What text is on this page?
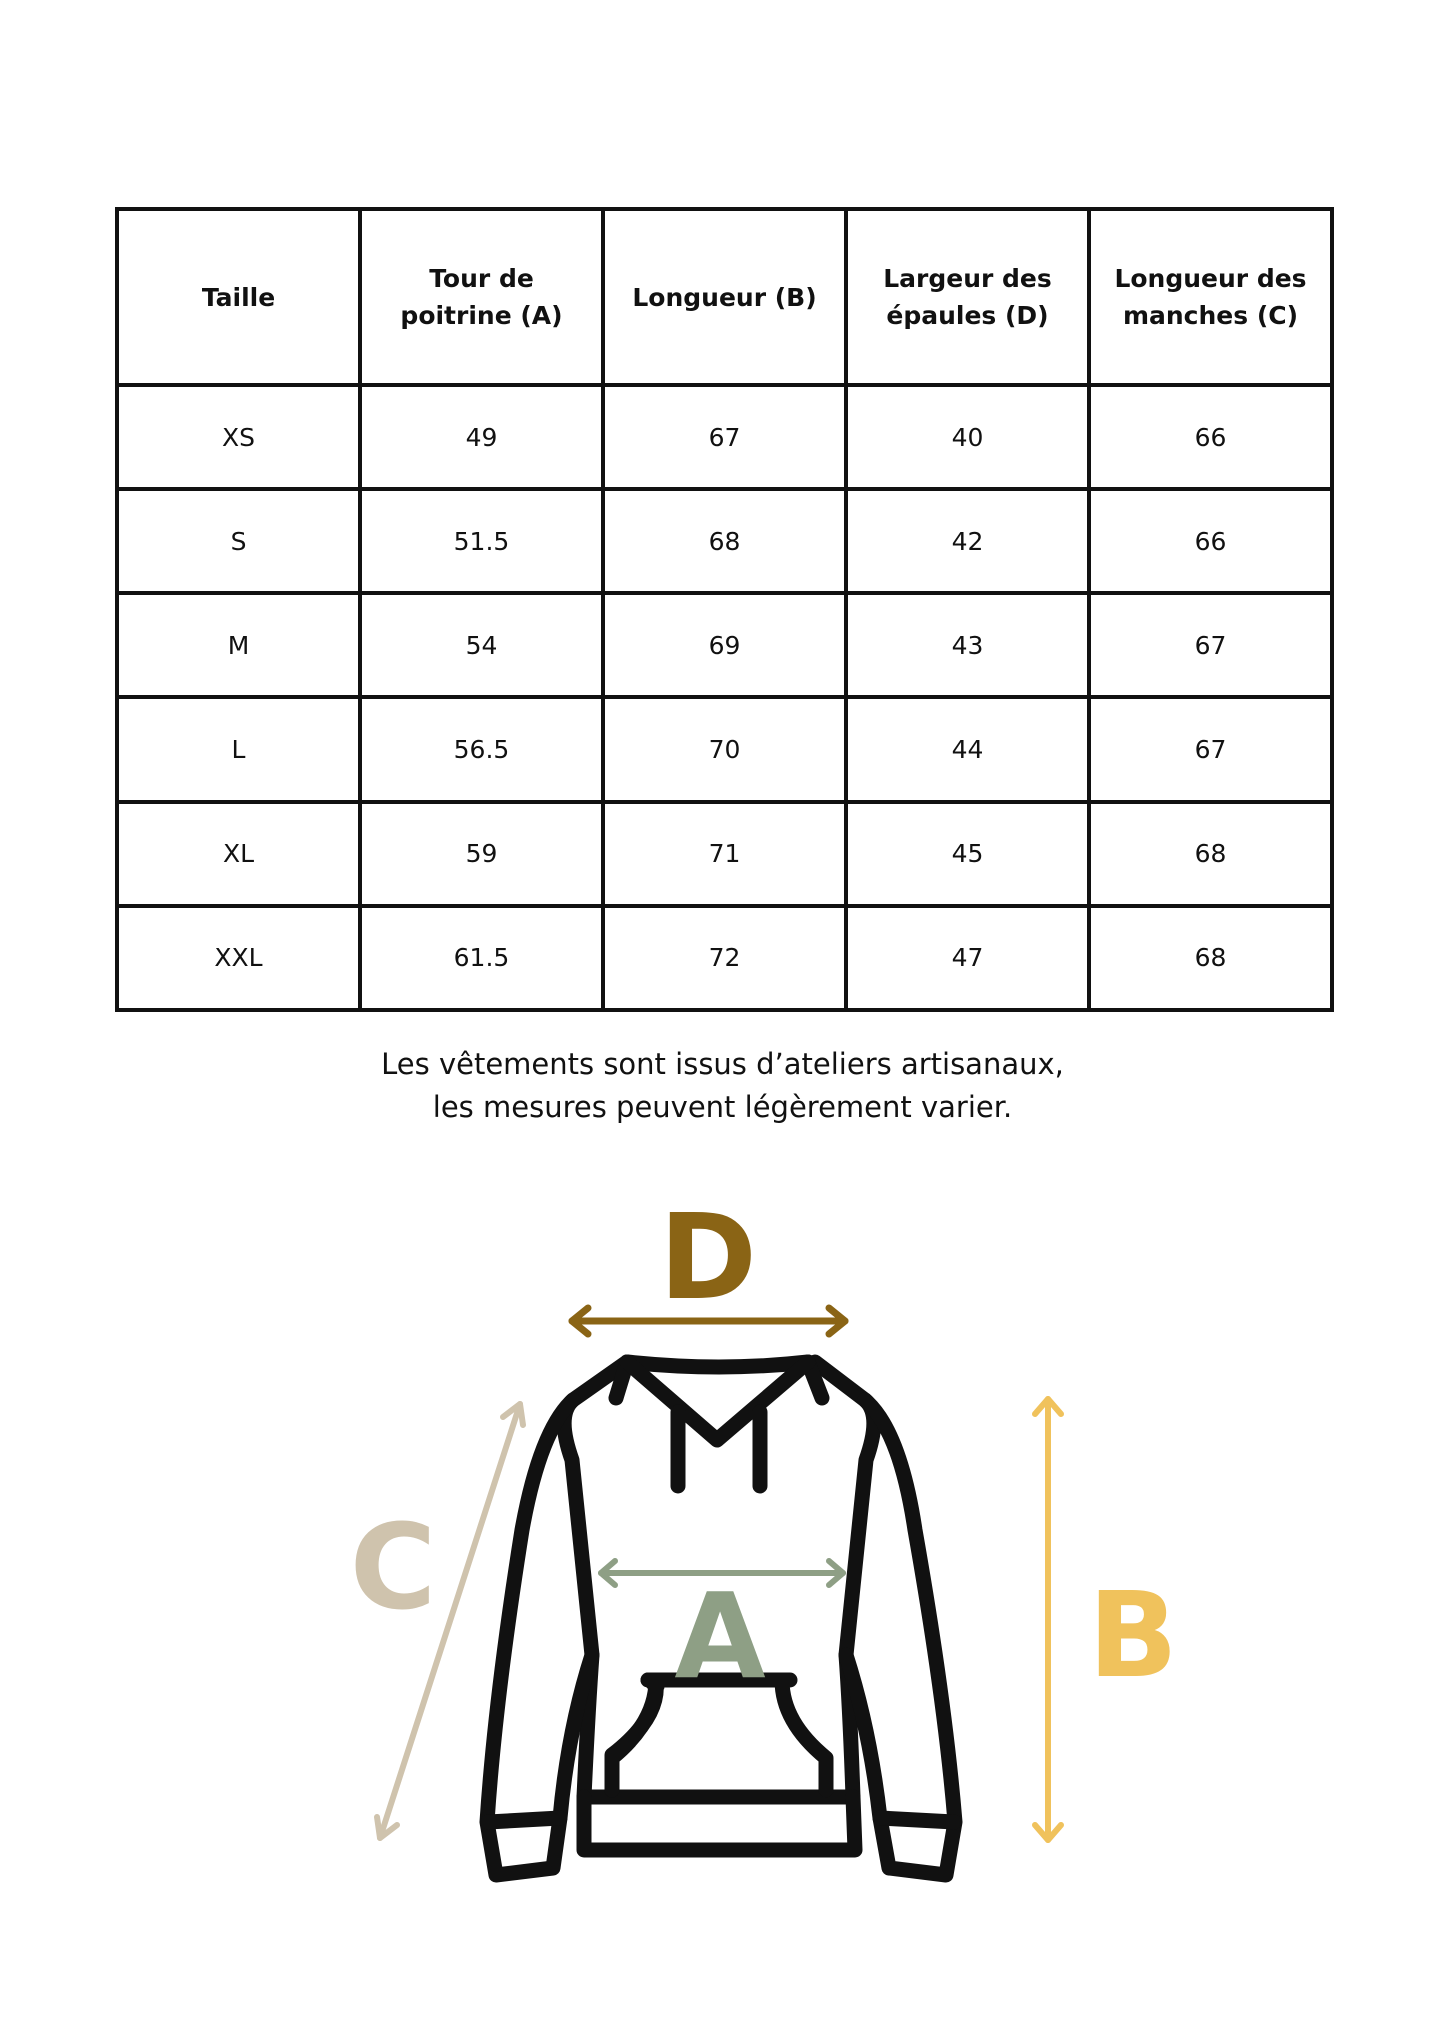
Taille	Tour de poitrine (A)	Longueur (B)	Largeur des épaules (D)	Longueur des manches (C)
XS	49	67	40	66
S	51.5	68	42	66
M	54	69	43	67
L	56.5	70	44	67
XL	59	71	45	68
XXL	61.5	72	47	68
Les vêtements sont issus d’ateliers artisanaux,
les mesures peuvent légèrement varier.
D
C	B
A
